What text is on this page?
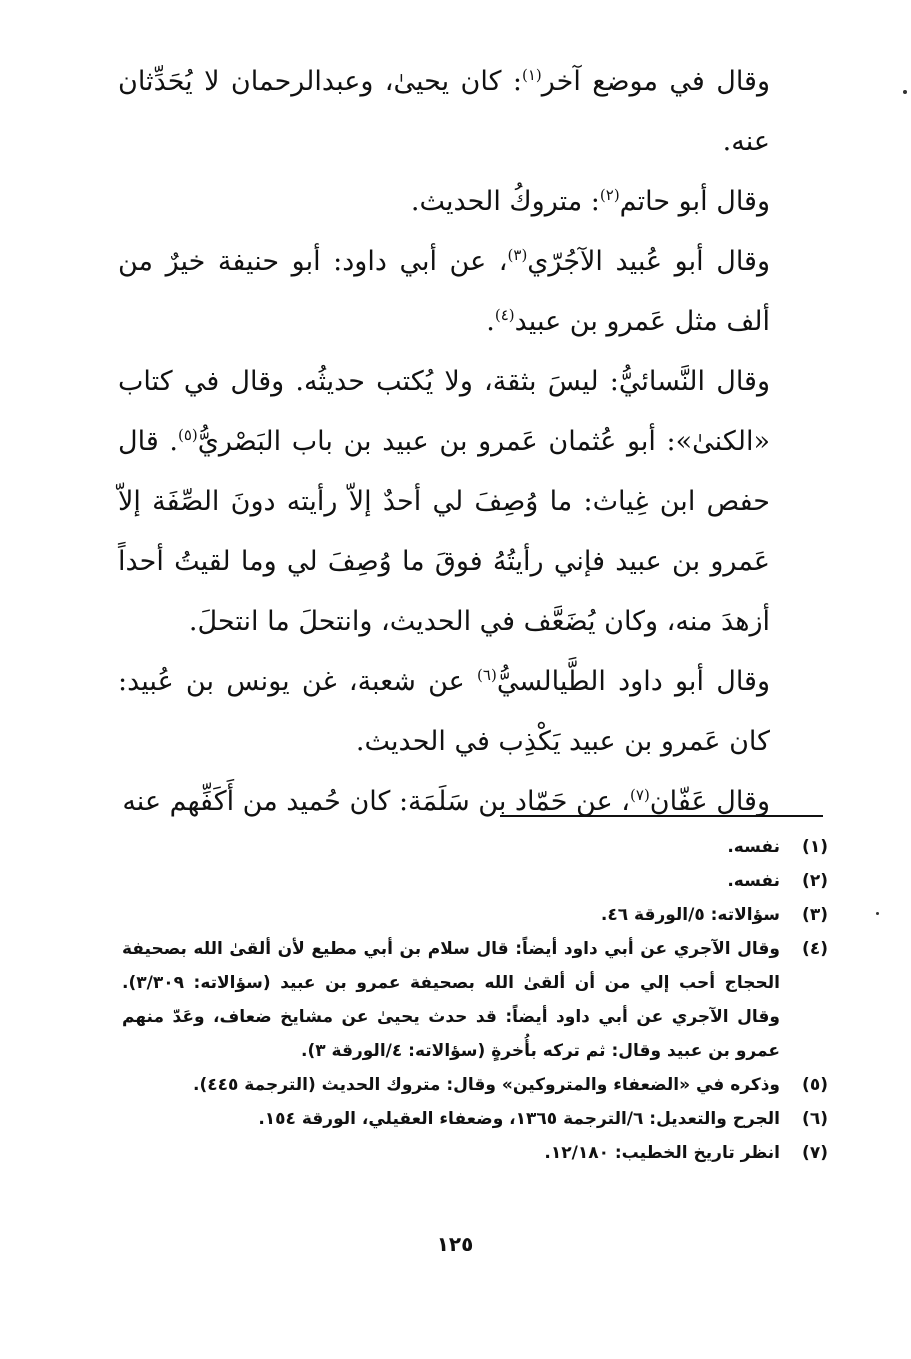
وقال في موضع آخر$^{(١)}$: كان يحيىٰ، وعبدالرحمان لا يُحَدِّثان عنه.

وقال أبو حاتم$^{(٢)}$: متروكُ الحديث.

وقال أبو عُبيد الآجُرّي$^{(٣)}$، عن أبي داود: أبو حنيفة خيرٌ من ألف مثل عَمرو بن عبيد$^{(٤)}$.

وقال النَّسائيُّ: ليسَ بثقة، ولا يُكتب حديثُه. وقال في كتاب «الكنىٰ»: أبو عُثمان عَمرو بن عبيد بن باب البَصْريُّ$^{(٥)}$. قال حفص ابن غِياث: ما وُصِفَ لي أحدٌ إلاّ رأيته دونَ الصِّفَة إلاّ عَمرو بن عبيد فإني رأيتُهُ فوقَ ما وُصِفَ لي وما لقيتُ أحداً أزهدَ منه، وكان يُضَعَّف في الحديث، وانتحلَ ما انتحلَ.

وقال أبو داود الطَّيالسيُّ$^{(٦)}$ عن شعبة، غن يونس بن عُبيد: كان عَمرو بن عبيد يَكْذِب في الحديث.

وقال عَفّان$^{(٧)}$، عن حَمّاد بن سَلَمَة: كان حُميد من أَكَفِّهم عنه

(١)
نفسه.
(٢)
نفسه.
(٣)
سؤالاته: ٥/الورقة ٤٦.
(٤)
وقال الآجري عن أبي داود أيضاً: قال سلام بن أبي مطيع لأن ألقىٰ الله بصحيفة الحجاج أحب إلي من أن ألقىٰ الله بصحيفة عمرو بن عبيد (سؤالاته: ٣/٣٠٩). وقال الآجري عن أبي داود أيضاً: قد حدث يحيىٰ عن مشايخ ضعاف، وعَدّ منهم عمرو بن عبيد وقال: ثم تركه بأُخرةٍ (سؤالاته: ٤/الورقة ٣).
(٥)
وذكره في «الضعفاء والمتروكين» وقال: متروك الحديث (الترجمة ٤٤٥).
(٦)
الجرح والتعديل: ٦/الترجمة ١٣٦٥، وضعفاء العقيلي، الورقة ١٥٤.
(٧)
انظر تاريخ الخطيب: ١٢/١٨٠.
١٢٥
